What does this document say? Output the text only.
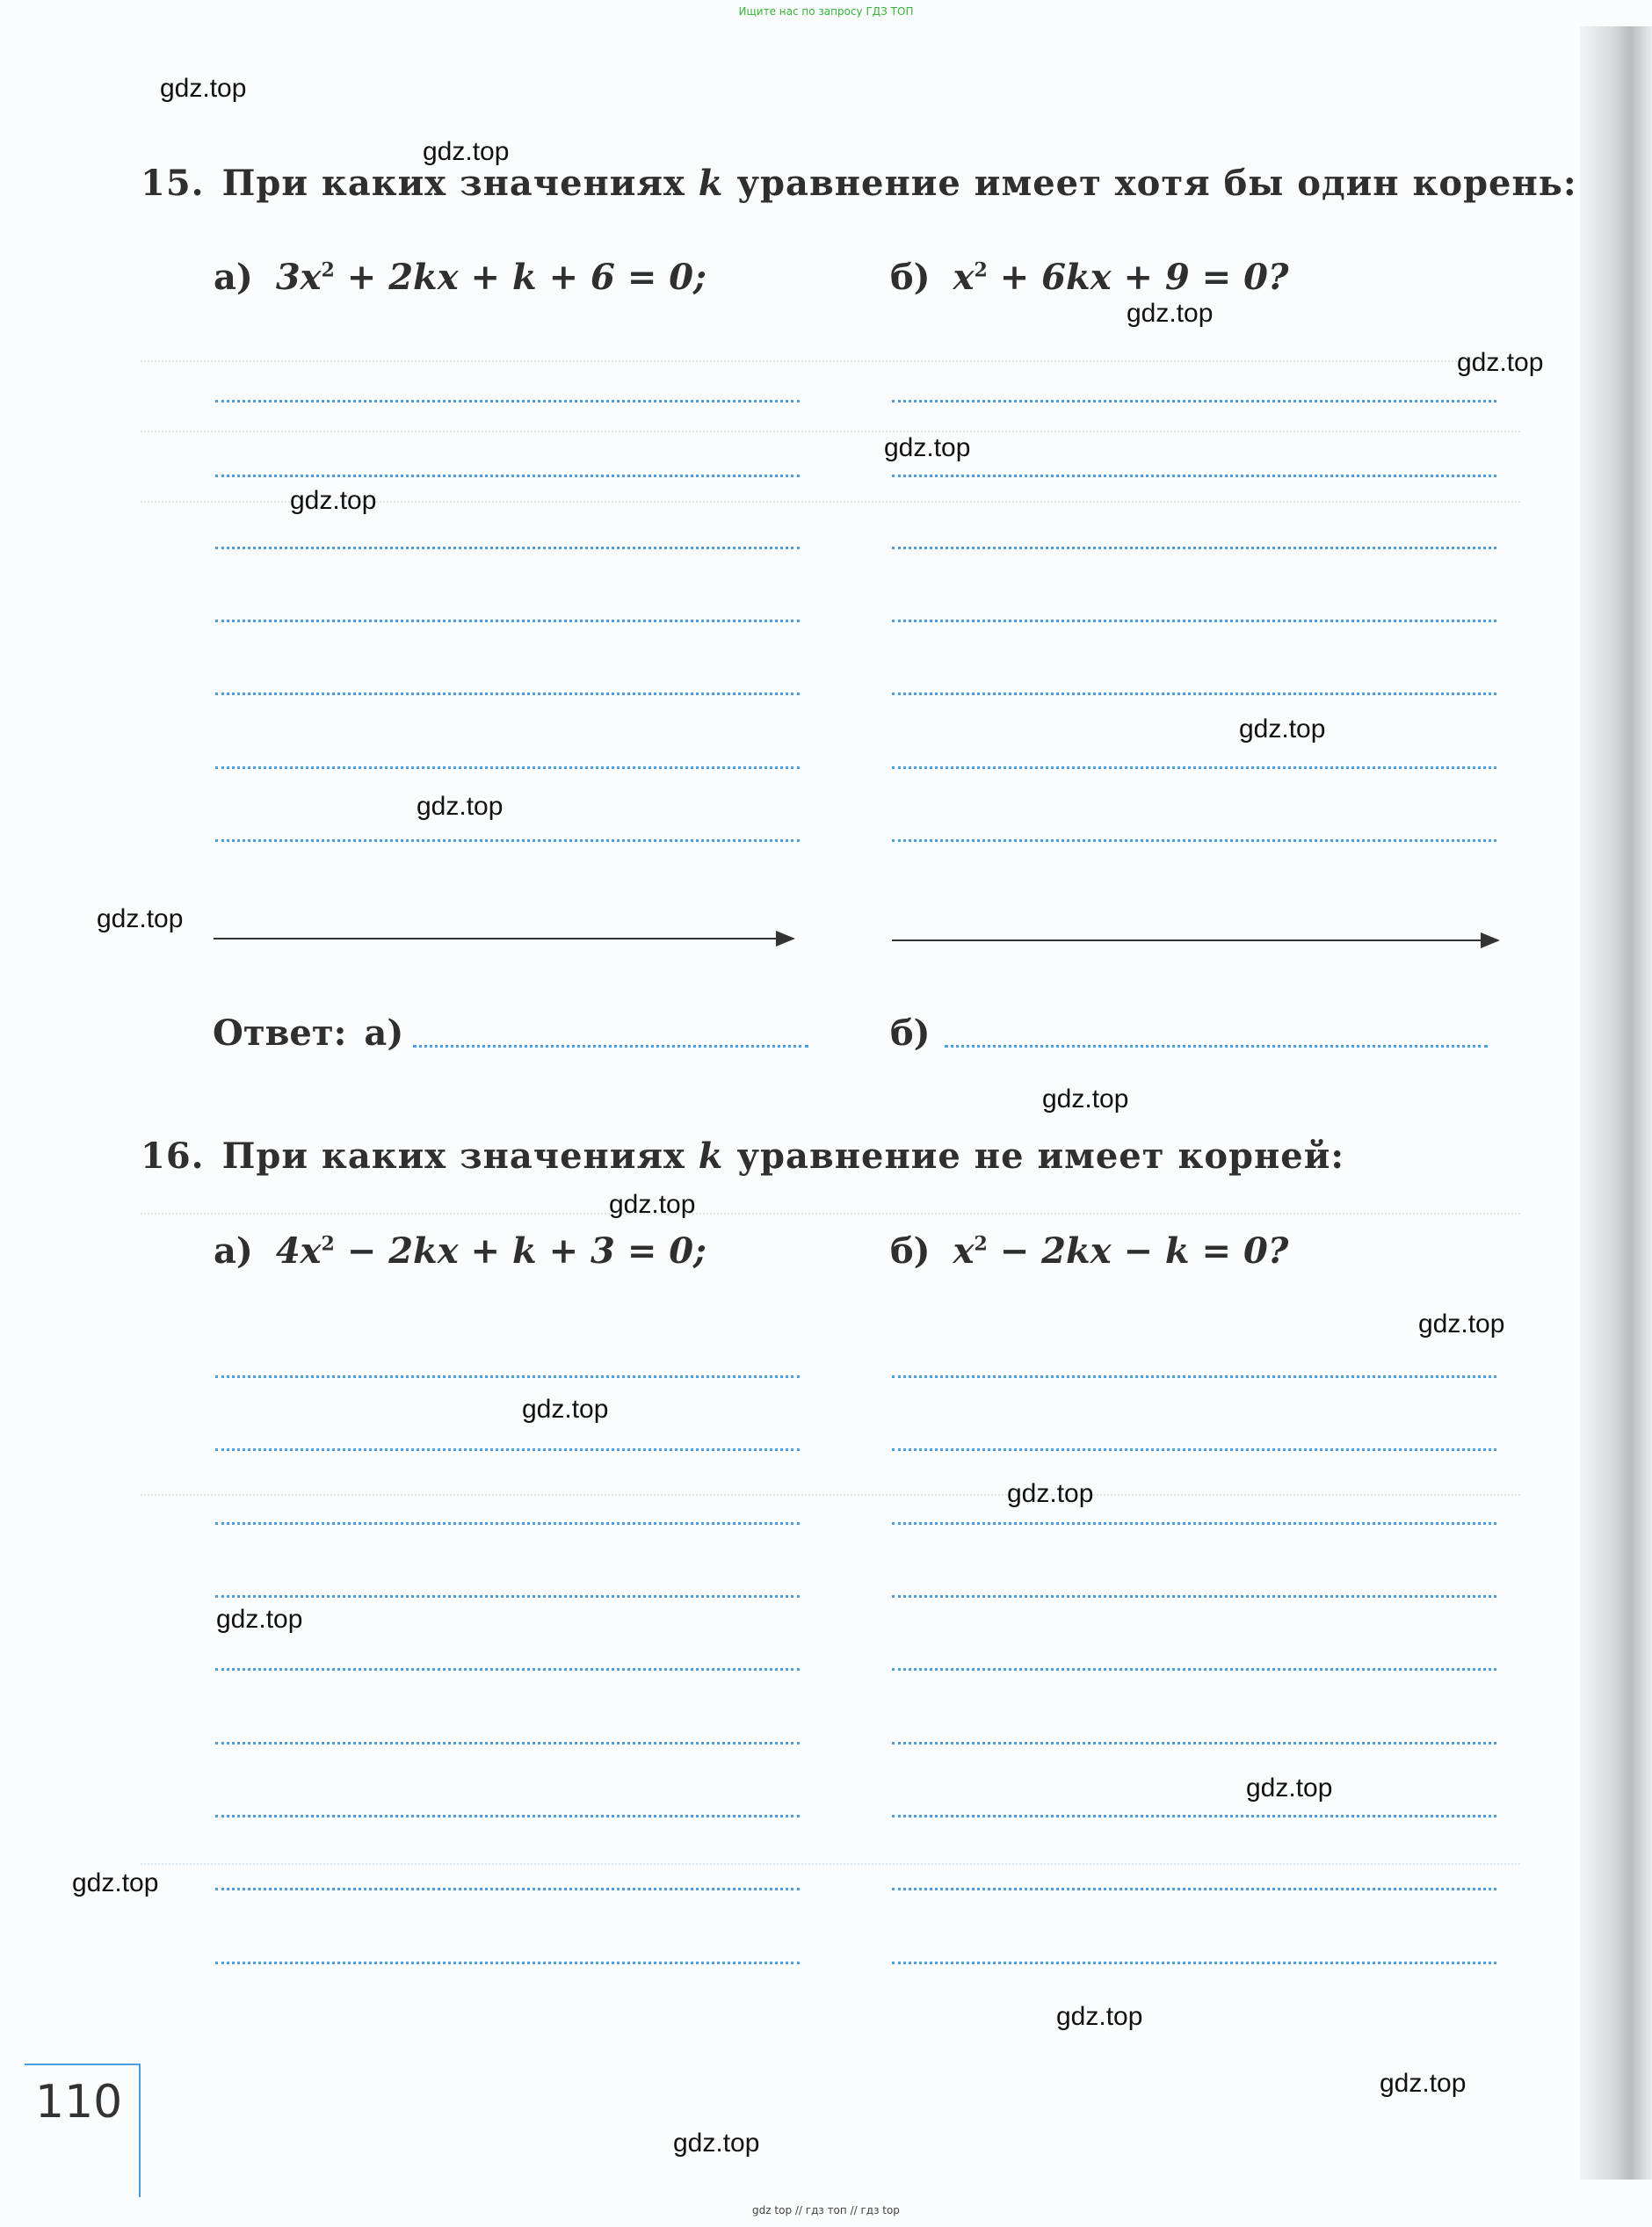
Ищите нас по запросу ГДЗ ТОП
15. При каких значениях k уравнение имеет хотя бы один корень:
а) $3x^2 + 2kx + k + 6 = 0$;	б) $x^2 + 6kx + 9 = 0$?
Ответ: а)	б)
16. При каких значениях k уравнение не имеет корней:
а) $4x^2 - 2kx + k + 3 = 0$;	б) $x^2 - 2kx - k = 0$?
110
gdz.top
gdz.top
gdz.top
gdz.top
gdz.top
gdz.top
gdz.top
gdz.top
gdz.top
gdz.top
gdz.top
gdz.top
gdz.top
gdz.top
gdz.top
gdz.top
gdz.top
gdz.top
gdz.top
gdz.top
gdz top // гдз топ // гдз top
